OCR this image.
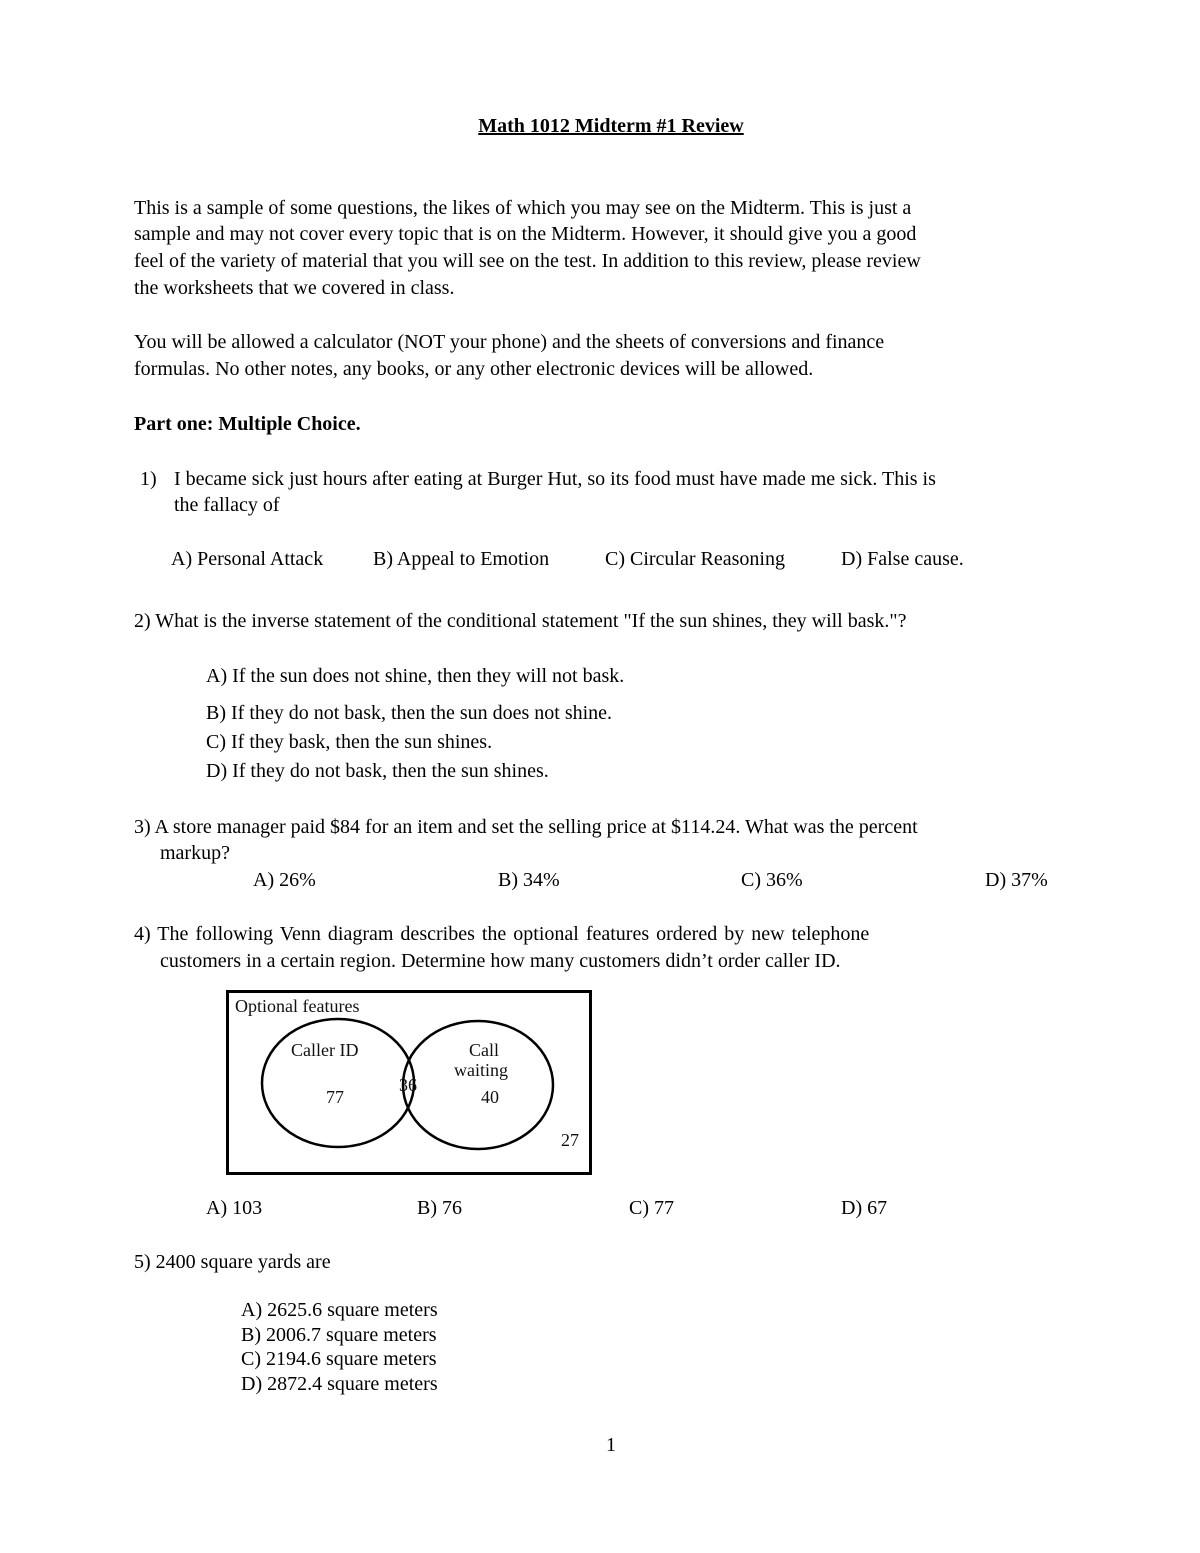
Math 1012 Midterm #1 Review
This is a sample of some questions, the likes of which you may see on the Midterm. This is just a
sample and may not cover every topic that is on the Midterm. However, it should give you a good
feel of the variety of material that you will see on the test. In addition to this review, please review
the worksheets that we covered in class.
You will be allowed a calculator (NOT your phone) and the sheets of conversions and finance
formulas. No other notes, any books, or any other electronic devices will be allowed.
Part one: Multiple Choice.
1) I became sick just hours after eating at Burger Hut, so its food must have made me sick. This is
the fallacy of
A) Personal Attack B) Appeal to Emotion	C) Circular Reasoning	D) False cause.
2) What is the inverse statement of the conditional statement "If the sun shines, they will bask."?
A) If the sun does not shine, then they will not bask.
B) If they do not bask, then the sun does not shine.
C) If they bask, then the sun shines.
D) If they do not bask, then the sun shines.
3) A store manager paid $84 for an item and set the selling price at $114.24. What was the percent
markup?
A) 26%	B) 34%	C) 36%	D) 37%
4) The following Venn diagram describes the optional features ordered by new telephone
customers in a certain region. Determine how many customers didn’t order caller ID.
Optional features
Caller ID	Call
waiting
77
36
40
27
A) 103	B) 76	C) 77	D) 67
5) 2400 square yards are
A) 2625.6 square meters
B) 2006.7 square meters
C) 2194.6 square meters
D) 2872.4 square meters
1
